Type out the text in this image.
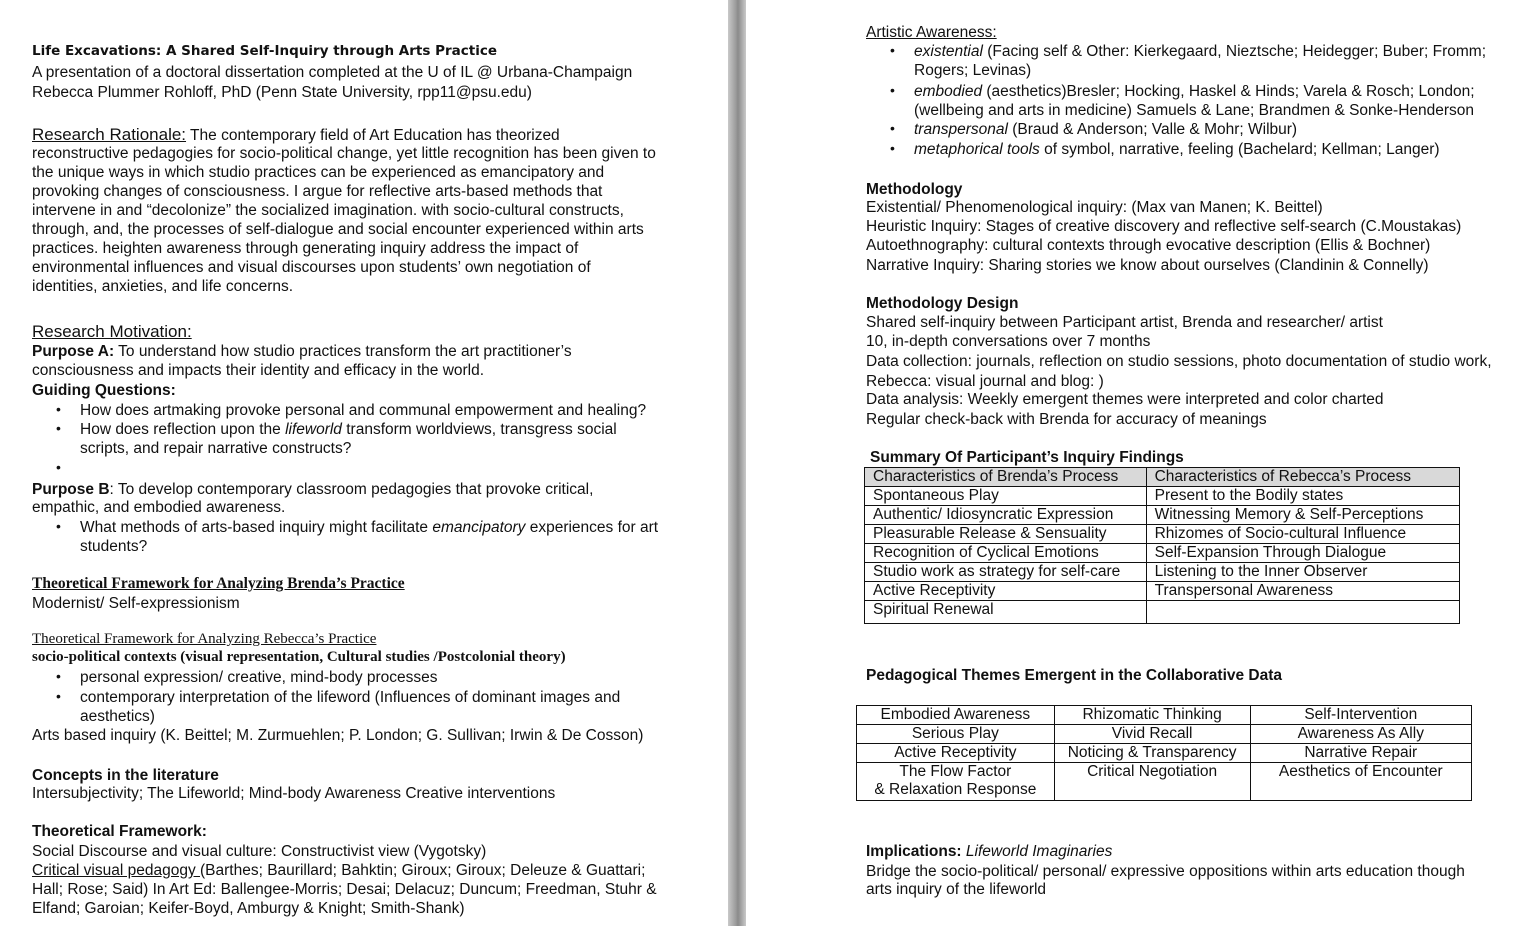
Life Excavations: A Shared Self-Inquiry through Arts Practice
A presentation of a doctoral dissertation completed at the U of IL @ Urbana-Champaign
Rebecca Plummer Rohloff, PhD (Penn State University, rpp11@psu.edu)
Research Rationale: The contemporary field of Art Education has theorized
reconstructive pedagogies for socio-political change, yet little recognition has been given to
the unique ways in which studio practices can be experienced as emancipatory and
provoking changes of consciousness. I argue for reflective arts-based methods that
intervene in and “decolonize” the socialized imagination. with socio-cultural constructs,
through, and, the processes of self-dialogue and social encounter experienced within arts
practices. heighten awareness through generating inquiry address the impact of
environmental influences and visual discourses upon students’ own negotiation of
identities, anxieties, and life concerns.
Research Motivation:
Purpose A: To understand how studio practices transform the art practitioner’s
consciousness and impacts their identity and efficacy in the world.
Guiding Questions:
• How does artmaking provoke personal and communal empowerment and healing?
• How does reflection upon the lifeworld transform worldviews, transgress social
scripts, and repair narrative constructs?
•
Purpose B: To develop contemporary classroom pedagogies that provoke critical,
empathic, and embodied awareness.
• What methods of arts-based inquiry might facilitate emancipatory experiences for art
students?
Theoretical Framework for Analyzing Brenda’s Practice
Modernist/ Self-expressionism
Theoretical Framework for Analyzing Rebecca’s Practice
socio-political contexts (visual representation, Cultural studies /Postcolonial theory)
• personal expression/ creative, mind-body processes
• contemporary interpretation of the lifeword (Influences of dominant images and
aesthetics)
Arts based inquiry (K. Beittel; M. Zurmuehlen; P. London; G. Sullivan; Irwin & De Cosson)
Concepts in the literature
Intersubjectivity; The Lifeworld; Mind-body Awareness Creative interventions
Theoretical Framework:
Social Discourse and visual culture: Constructivist view (Vygotsky)
Critical visual pedagogy (Barthes; Baurillard; Bahktin; Giroux; Giroux; Deleuze & Guattari;
Hall; Rose; Said) In Art Ed: Ballengee-Morris; Desai; Delacuz; Duncum; Freedman, Stuhr &
Elfand; Garoian; Keifer-Boyd, Amburgy & Knight; Smith-Shank)
Artistic Awareness:
• existential (Facing self & Other: Kierkegaard, Nieztsche; Heidegger; Buber; Fromm;
Rogers; Levinas)
• embodied (aesthetics)Bresler; Hocking, Haskel & Hinds; Varela & Rosch; London;
(wellbeing and arts in medicine) Samuels & Lane; Brandmen & Sonke-Henderson
• transpersonal (Braud & Anderson; Valle & Mohr; Wilbur)
• metaphorical tools of symbol, narrative, feeling (Bachelard; Kellman; Langer)
Methodology
Existential/ Phenomenological inquiry: (Max van Manen; K. Beittel)
Heuristic Inquiry: Stages of creative discovery and reflective self-search (C.Moustakas)
Autoethnography: cultural contexts through evocative description (Ellis & Bochner)
Narrative Inquiry: Sharing stories we know about ourselves (Clandinin & Connelly)
Methodology Design
Shared self-inquiry between Participant artist, Brenda and researcher/ artist
10, in-depth conversations over 7 months
Data collection: journals, reflection on studio sessions, photo documentation of studio work,
Rebecca: visual journal and blog: )
Data analysis: Weekly emergent themes were interpreted and color charted
Regular check-back with Brenda for accuracy of meanings
Summary Of Participant’s Inquiry Findings
Characteristics of Brenda’s Process	Characteristics of Rebecca’s Process
Spontaneous Play	Present to the Bodily states
Authentic/ Idiosyncratic Expression	Witnessing Memory & Self-Perceptions
Pleasurable Release & Sensuality	Rhizomes of Socio-cultural Influence
Recognition of Cyclical Emotions	Self-Expansion Through Dialogue
Studio work as strategy for self-care	Listening to the Inner Observer
Active Receptivity	Transpersonal Awareness
Spiritual Renewal	
Pedagogical Themes Emergent in the Collaborative Data
Embodied Awareness	Rhizomatic Thinking	Self-Intervention
Serious Play	Vivid Recall	Awareness As Ally
Active Receptivity	Noticing & Transparency	Narrative Repair

The Flow Factor
& Relaxation Response	Critical Negotiation	Aesthetics of Encounter
Implications: Lifeworld Imaginaries
Bridge the socio-political/ personal/ expressive oppositions within arts education though
arts inquiry of the lifeworld
